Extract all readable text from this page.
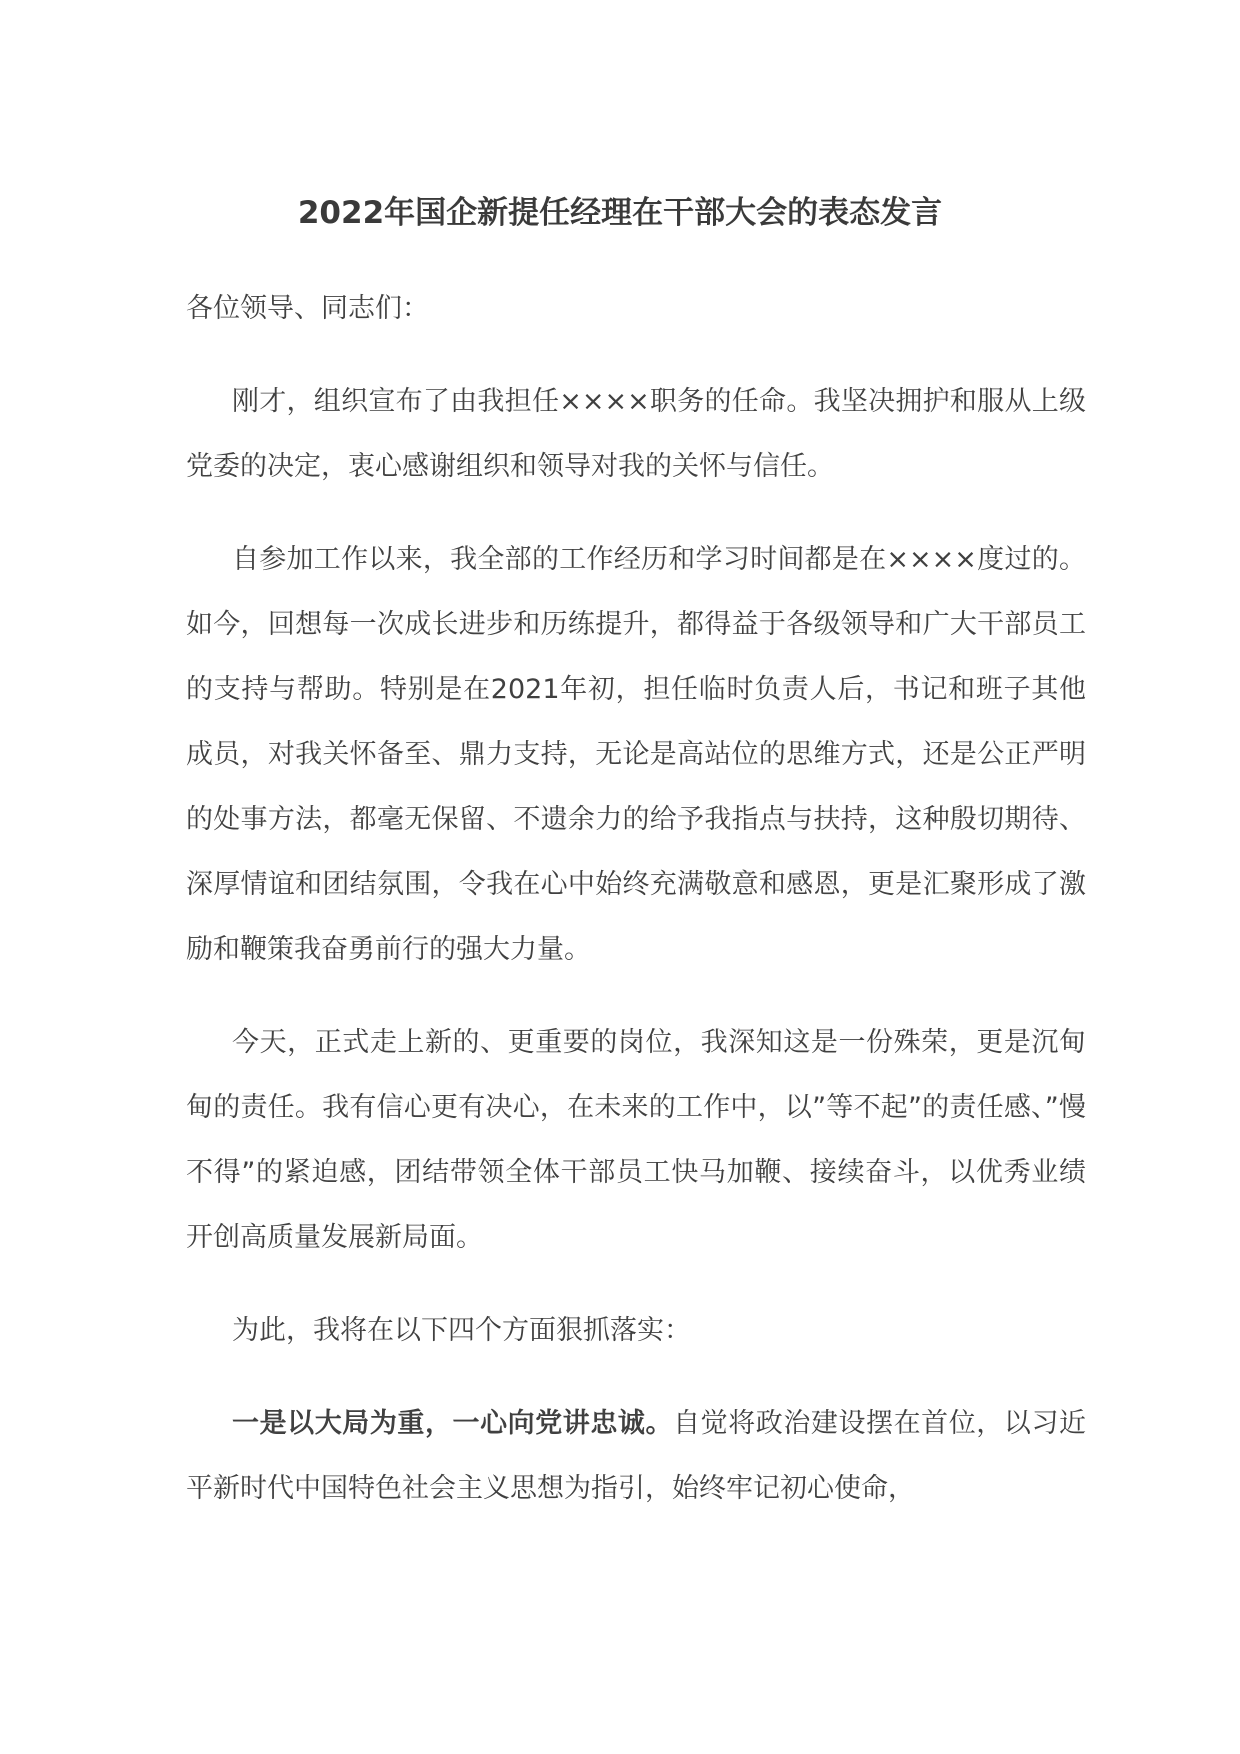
2022年国企新提任经理在干部大会的表态发言

各位领导、同志们：

刚才，组织宣布了由我担任××××职务的任命。我坚决拥护和服从上级党委的决定，衷心感谢组织和领导对我的关怀与信任。

自参加工作以来，我全部的工作经历和学习时间都是在××××度过的。如今，回想每一次成长进步和历练提升，都得益于各级领导和广大干部员工的支持与帮助。特别是在2021年初，担任临时负责人后，书记和班子其他成员，对我关怀备至、鼎力支持，无论是高站位的思维方式，还是公正严明的处事方法，都毫无保留、不遗余力的给予我指点与扶持，这种殷切期待、深厚情谊和团结氛围，令我在心中始终充满敬意和感恩，更是汇聚形成了激励和鞭策我奋勇前行的强大力量。

今天，正式走上新的、更重要的岗位，我深知这是一份殊荣，更是沉甸甸的责任。我有信心更有决心，在未来的工作中，以”等不起”的责任感、”慢不得”的紧迫感，团结带领全体干部员工快马加鞭、接续奋斗，以优秀业绩开创高质量发展新局面。

为此，我将在以下四个方面狠抓落实：

一是以大局为重，一心向党讲忠诚。自觉将政治建设摆在首位，以习近平新时代中国特色社会主义思想为指引，始终牢记初心使命，
